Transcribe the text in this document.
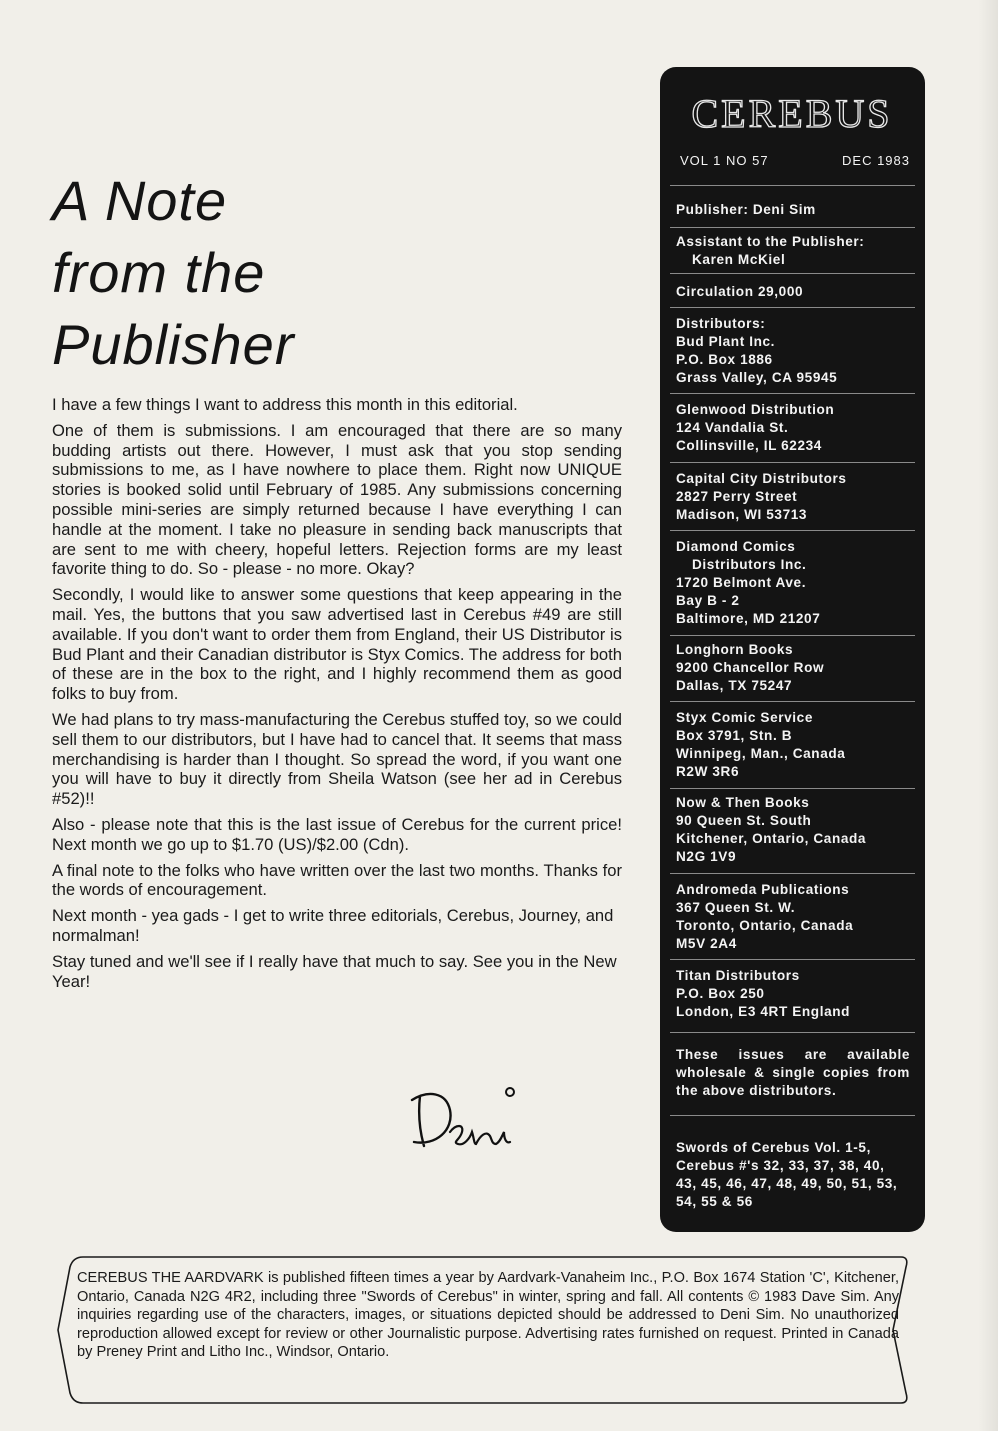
A Note
from the
Publisher

I have a few things I want to address this month in this editorial.

One of them is submissions. I am encouraged that there are so many budding artists out there. However, I must ask that you stop sending submissions to me, as I have nowhere to place them. Right now UNIQUE stories is booked solid until February of 1985. Any submissions concerning possible mini-series are simply returned because I have everything I can handle at the moment. I take no pleasure in sending back manuscripts that are sent to me with cheery, hopeful letters. Rejection forms are my least favorite thing to do. So - please - no more. Okay?

Secondly, I would like to answer some questions that keep appearing in the mail. Yes, the buttons that you saw advertised last in Cerebus #49 are still available. If you don't want to order them from England, their US Distributor is Bud Plant and their Canadian distributor is Styx Comics. The address for both of these are in the box to the right, and I highly recommend them as good folks to buy from.

We had plans to try mass-manufacturing the Cerebus stuffed toy, so we could sell them to our distributors, but I have had to cancel that. It seems that mass merchandising is harder than I thought. So spread the word, if you want one you will have to buy it directly from Sheila Watson (see her ad in Cerebus #52)!!

Also - please note that this is the last issue of Cerebus for the current price! Next month we go up to $1.70 (US)/$2.00 (Cdn).

A final note to the folks who have written over the last two months. Thanks for the words of encouragement.

Next month - yea gads - I get to write three editorials, Cerebus, Journey, and normalman!

Stay tuned and we'll see if I really have that much to say. See you in the New Year!

CEREBUS
VOL 1 NO 57	DEC 1983
Publisher: Deni Sim
Assistant to the Publisher:
Karen McKiel
Circulation 29,000
Distributors:
Bud Plant Inc.
P.O. Box 1886
Grass Valley, CA 95945
Glenwood Distribution
124 Vandalia St.
Collinsville, IL 62234
Capital City Distributors
2827 Perry Street
Madison, WI 53713
Diamond Comics
Distributors Inc.
1720 Belmont Ave.
Bay B - 2
Baltimore, MD 21207
Longhorn Books
9200 Chancellor Row
Dallas, TX 75247
Styx Comic Service
Box 3791, Stn. B
Winnipeg, Man., Canada
R2W 3R6
Now & Then Books
90 Queen St. South
Kitchener, Ontario, Canada
N2G 1V9
Andromeda Publications
367 Queen St. W.
Toronto, Ontario, Canada
M5V 2A4
Titan Distributors
P.O. Box 250
London, E3 4RT England
These issues are available wholesale & single copies from the above distributors.
Swords of Cerebus Vol. 1-5,
Cerebus #'s 32, 33, 37, 38, 40,
43, 45, 46, 47, 48, 49, 50, 51, 53,
54, 55 & 56
CEREBUS THE AARDVARK is published fifteen times a year by Aardvark-Vanaheim Inc., P.O. Box 1674 Station 'C', Kitchener, Ontario, Canada N2G 4R2, including three "Swords of Cerebus" in winter, spring and fall. All contents © 1983 Dave Sim. Any inquiries regarding use of the characters, images, or situations depicted should be addressed to Deni Sim. No unauthorized reproduction allowed except for review or other Journalistic purpose. Advertising rates furnished on request. Printed in Canada by Preney Print and Litho Inc., Windsor, Ontario.
